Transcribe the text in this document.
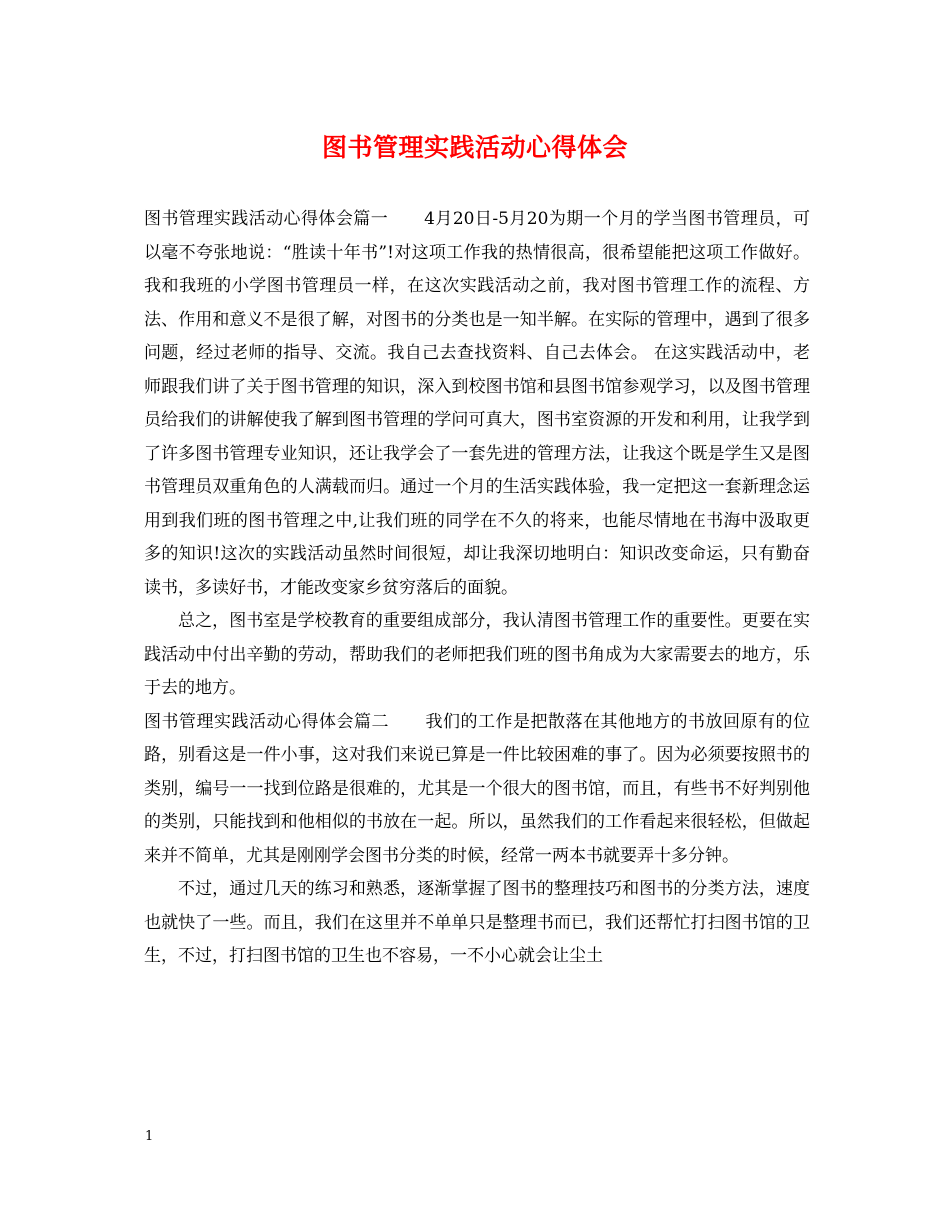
图书管理实践活动心得体会

图书管理实践活动心得体会篇一 4月20日-5月20为期一个月的学当图书管理员，可以毫不夸张地说：“胜读十年书”!对这项工作我的热情很高，很希望能把这项工作做好。我和我班的小学图书管理员一样，在这次实践活动之前，我对图书管理工作的流程、方法、作用和意义不是很了解，对图书的分类也是一知半解。在实际的管理中，遇到了很多问题，经过老师的指导、交流。我自己去查找资料、自己去体会。 在这实践活动中，老师跟我们讲了关于图书管理的知识，深入到校图书馆和县图书馆参观学习，以及图书管理员给我们的讲解使我了解到图书管理的学问可真大，图书室资源的开发和利用，让我学到了许多图书管理专业知识，还让我学会了一套先进的管理方法，让我这个既是学生又是图书管理员双重角色的人满载而归。通过一个月的生活实践体验，我一定把这一套新理念运用到我们班的图书管理之中,让我们班的同学在不久的将来，也能尽情地在书海中汲取更多的知识!这次的实践活动虽然时间很短，却让我深切地明白：知识改变命运，只有勤奋读书，多读好书，才能改变家乡贫穷落后的面貌。

总之，图书室是学校教育的重要组成部分，我认清图书管理工作的重要性。更要在实践活动中付出辛勤的劳动，帮助我们的老师把我们班的图书角成为大家需要去的地方，乐于去的地方。

图书管理实践活动心得体会篇二 我们的工作是把散落在其他地方的书放回原有的位路，别看这是一件小事，这对我们来说已算是一件比较困难的事了。因为必须要按照书的类别，编号一一找到位路是很难的，尤其是一个很大的图书馆，而且，有些书不好判别他的类别，只能找到和他相似的书放在一起。所以，虽然我们的工作看起来很轻松，但做起来并不简单，尤其是刚刚学会图书分类的时候，经常一两本书就要弄十多分钟。

不过，通过几天的练习和熟悉，逐渐掌握了图书的整理技巧和图书的分类方法，速度也就快了一些。而且，我们在这里并不单单只是整理书而已，我们还帮忙打扫图书馆的卫生，不过，打扫图书馆的卫生也不容易，一不小心就会让尘土

1
